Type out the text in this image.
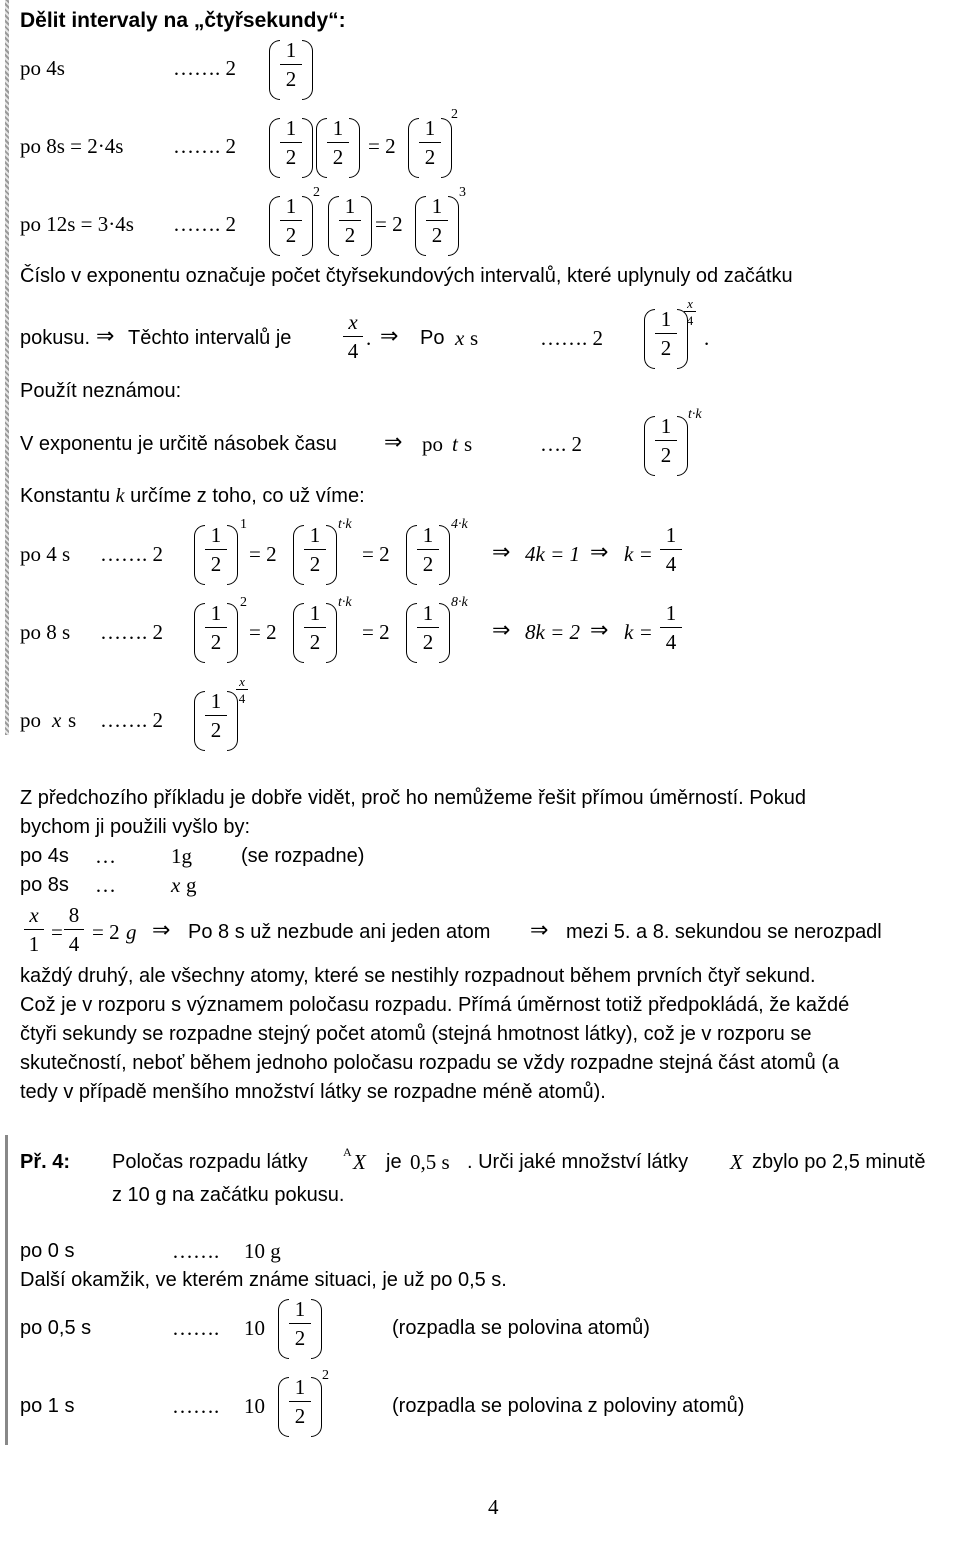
Dělit intervaly na „čtyřsekundy“:
po 4s	……. 2
1
2
po 8s = 2·4s ……. 2
1
2
1
2 = 2
1
2
2
po 12s = 3·4s ……. 2
1
2
2
1
2 = 2
1
2
3
Číslo v exponentu označuje počet čtyřsekundových intervalů, které uplynuly od začátku
pokusu. ⇒ Těchto intervalů je
x
4
. ⇒ Po x s	……. 2
1
2
x
4
.
Použít neznámou:
V exponentu je určitě násobek času ⇒ po t s	…. 2
1
2
t·k
Konstantu k určíme z toho, co už víme:
po 4 s ……. 2
1
2
1
= 2
1
2
t·k
= 2
1
2
4·k
⇒ 4k = 1 ⇒ k =
1
4
po 8 s ……. 2
1
2
2
= 2
1
2
t·k
= 2
1
2
8·k
⇒ 8k = 2 ⇒ k =
1
4
po x s ……. 2
1
2
x
4
Z předchozího příkladu je dobře vidět, proč ho nemůžeme řešit přímou úměrností. Pokud
bychom ji použili vyšlo by:
po 4s …	1g (se rozpadne)
po 8s …	x g
x
1 =
8
4 = 2 g ⇒ Po 8 s už nezbude ani jeden atom ⇒ mezi 5. a 8. sekundou se nerozpadl
každý druhý, ale všechny atomy, které se nestihly rozpadnout během prvních čtyř sekund.
Což je v rozporu s významem poločasu rozpadu. Přímá úměrnost totiž předpokládá, že každé
čtyři sekundy se rozpadne stejný počet atomů (stejná hmotnost látky), což je v rozporu se
skutečností, neboť během jednoho poločasu rozpadu se vždy rozpadne stejná část atomů (a
tedy v případě menšího množství látky se rozpadne méně atomů).
Př. 4: Poločas rozpadu látky	A X je 0,5 s . Urči jaké množství látky X zbylo po 2,5 minutě
z 10 g na začátku pokusu.
po 0 s	……. 10 g
Další okamžik, ve kterém známe situaci, je už po 0,5 s.
po 0,5 s	……. 10
1
2	(rozpadla se polovina atomů)
po 1 s	……. 10
1
2
2
(rozpadla se polovina z poloviny atomů)
4
